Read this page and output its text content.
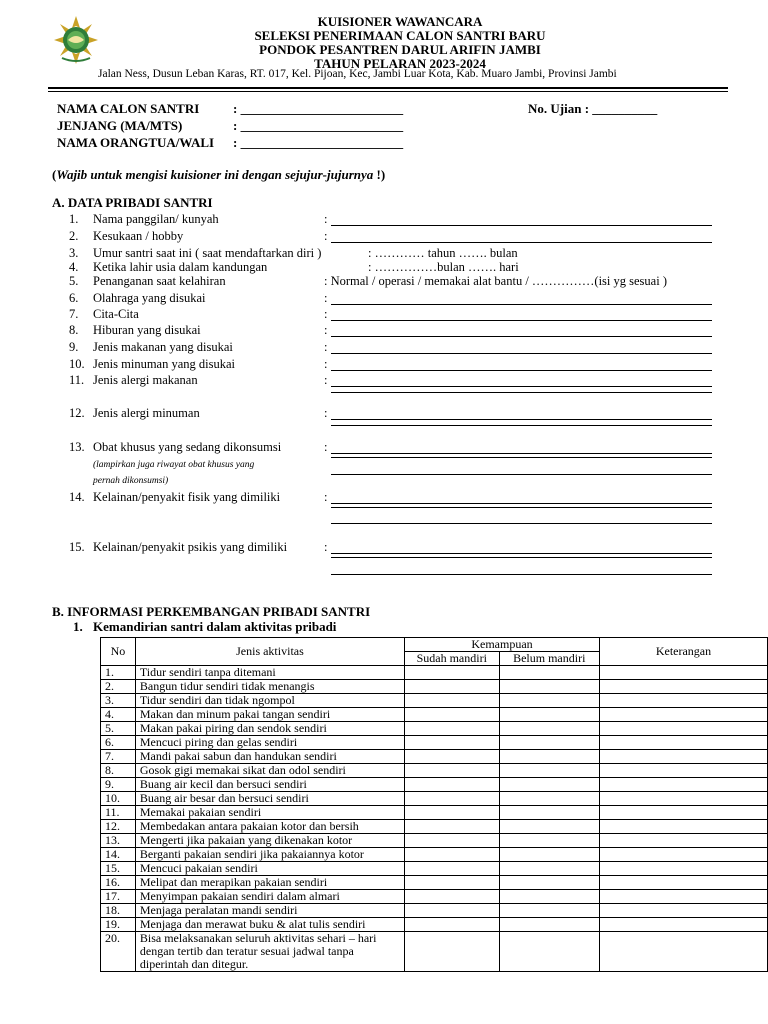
KUISIONER WAWANCARA
SELEKSI PENERIMAAN CALON SANTRI BARU
PONDOK PESANTREN DARUL ARIFIN JAMBI
TAHUN PELARAN 2023-2024
Jalan Ness, Dusun Leban Karas, RT. 017, Kel. Pijoan, Kec, Jambi Luar Kota, Kab. Muaro Jambi, Provinsi Jambi
NAMA CALON SANTRI	: _________________________	No. Ujian : __________
JENJANG (MA/MTS)	: _________________________
NAMA ORANGTUA/WALI : _________________________
(Wajib untuk mengisi kuisioner ini dengan sejujur-jujurnya !)
A. DATA PRIBADI SANTRI
1. Nama panggilan/ kunyah	:
2. Kesukaan / hobby	:
3. Umur santri saat ini ( saat mendaftarkan diri )	: ………… tahun ……. bulan
4. Ketika lahir usia dalam kandungan	: ……………bulan ……. hari
5. Penanganan saat kelahiran	: Normal / operasi / memakai alat bantu / ……………(isi yg sesuai )
6. Olahraga yang disukai	:
7. Cita-Cita	:
8. Hiburan yang disukai	:
9. Jenis makanan yang disukai	:
10. Jenis minuman yang disukai	:
11. Jenis alergi makanan	:
12. Jenis alergi minuman	:
13. Obat khusus yang sedang dikonsumsi	:
14. Kelainan/penyakit fisik yang dimiliki	:
15. Kelainan/penyakit psikis yang dimiliki	:
(lampirkan juga riwayat obat khusus yang
pernah dikonsumsi)
B. INFORMASI PERKEMBANGAN PRIBADI SANTRI
1. Kemandirian santri dalam aktivitas pribadi
No	Jenis aktivitas	Kemampuan		Keterangan
		Sudah mandiri	Belum mandiri	
1.	Tidur sendiri tanpa ditemani			
2.	Bangun tidur sendiri tidak menangis			
3.	Tidur sendiri dan tidak ngompol			
4.	Makan dan minum pakai tangan sendiri			
5.	Makan pakai piring dan sendok sendiri			
6.	Mencuci piring dan gelas sendiri			
7.	Mandi pakai sabun dan handukan sendiri			
8.	Gosok gigi memakai sikat dan odol sendiri			
9.	Buang air kecil dan bersuci sendiri			
10.	Buang air besar dan bersuci sendiri			
11.	Memakai pakaian sendiri			
12.	Membedakan antara pakaian kotor dan bersih			
13.	Mengerti jika pakaian yang dikenakan kotor			
14.	Berganti pakaian sendiri jika pakaiannya kotor			
15.	Mencuci pakaian sendiri			
16.	Melipat dan merapikan pakaian sendiri			
17.	Menyimpan pakaian sendiri dalam almari			
18.	Menjaga peralatan mandi sendiri			
19.	Menjaga dan merawat buku & alat tulis sendiri			
20.	Bisa melaksanakan seluruh aktivitas sehari – hari dengan tertib dan teratur sesuai jadwal tanpa diperintah dan ditegur.			
